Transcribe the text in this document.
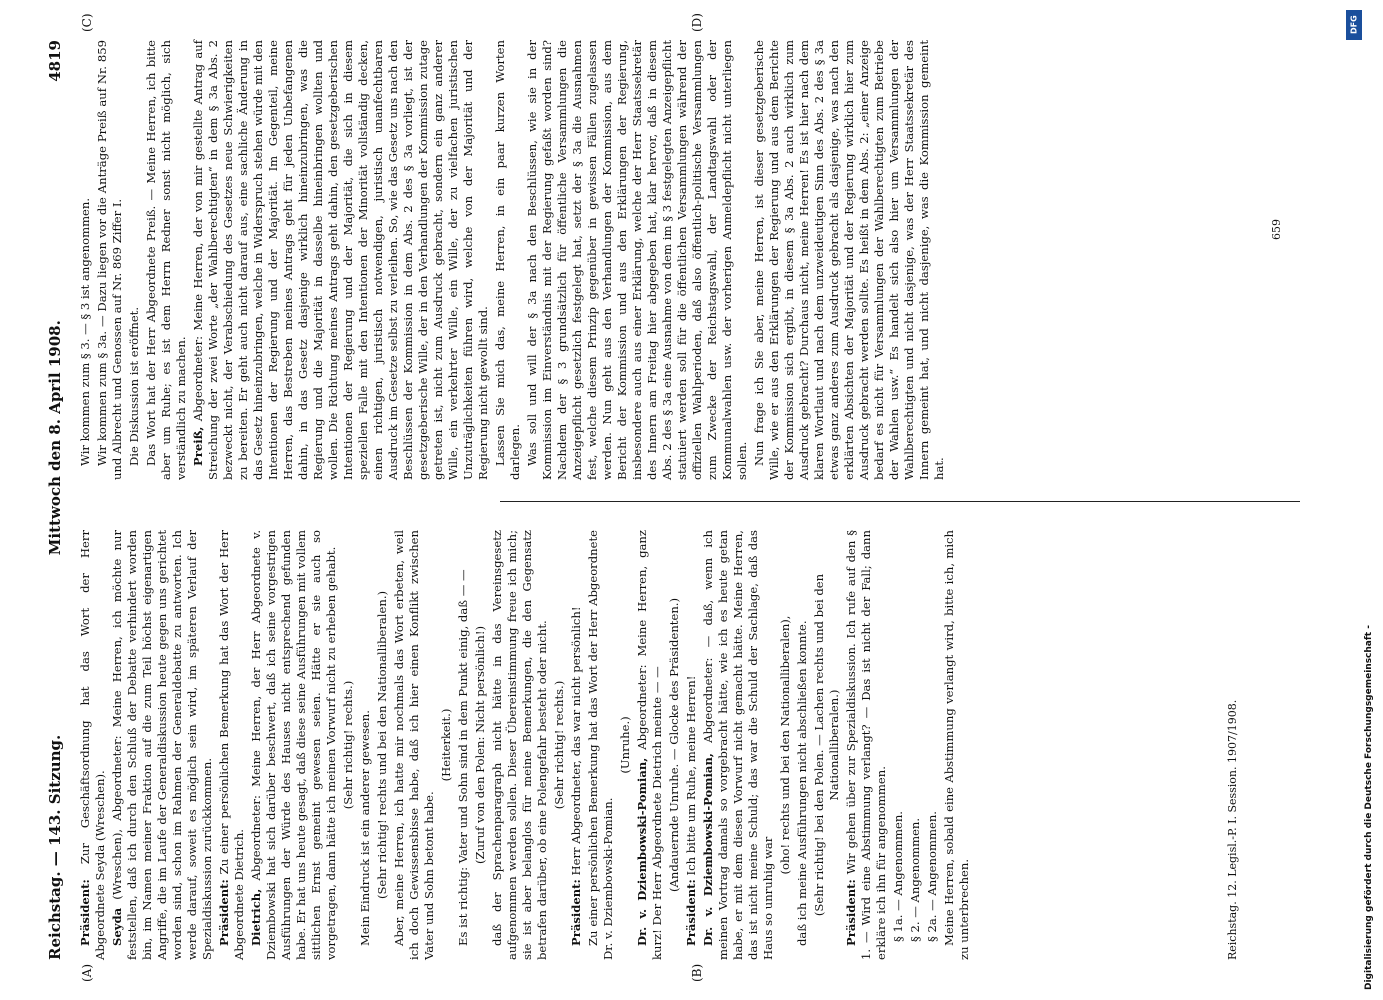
Reichstag. — 143. Sitzung.
Mittwoch den 8. April 1908.
4819
(A)	(B)
(C)	(D)

Präsident: Zur Geschäftsordnung hat das Wort der Herr Abgeordnete Seyda (Wreschen). Seyda (Wreschen), Abgeordneter: Meine Herren, ich möchte nur feststellen, daß ich durch den Schluß der Debatte verhindert worden bin, im Namen meiner Fraktion auf die zum Teil höchst eigenartigen Angriffe, die im Laufe der Generaldiskussion heute gegen uns gerichtet worden sind, schon im Rahmen der Generaldebatte zu antworten. Ich werde darauf, soweit es möglich sein wird, im späteren Verlauf der Spezialdiskussion zurückkommen. Präsident: Zu einer persönlichen Bemerkung hat das Wort der Herr Abgeordnete Dietrich. Dietrich, Abgeordneter: Meine Herren, der Herr Abgeordnete v. Dziembowski hat sich darüber beschwert, daß ich seine vorgestrigen Ausführungen der Würde des Hauses nicht entsprechend gefunden habe. Er hat uns heute gesagt, daß diese seine Ausführungen mit vollem sittlichen Ernst gemeint gewesen seien. Hätte er sie auch so vorgetragen, dann hätte ich meinen Vorwurf nicht zu erheben gehabt. (Sehr richtig! rechts.) Mein Eindruck ist ein anderer gewesen. (Sehr richtig! rechts und bei den Nationalliberalen.) Aber, meine Herren, ich hatte mir nochmals das Wort erbeten, weil ich doch Gewissensbisse habe, daß ich hier einen Konflikt zwischen Vater und Sohn betont habe.

(Heiterkeit.) Es ist richtig: Vater und Sohn sind in dem Punkt einig, daß — — (Zuruf von den Polen: Nicht persönlich!) daß der Sprachenparagraph nicht hätte in das Vereinsgesetz aufgenommen werden sollen. Dieser Übereinstimmung freue ich mich; sie ist aber belanglos für meine Bemerkungen, die den Gegensatz betrafen darüber, ob eine Polengefahr besteht oder nicht. (Sehr richtig! rechts.)

Präsident: Herr Abgeordneter, das war nicht persönlich! Zu einer persönlichen Bemerkung hat das Wort der Herr Abgeordnete Dr. v. Dziembowski-Pomian.

(Unruhe.)

Dr. v. Dziembowski-Pomian, Abgeordneter: Meine Herren, ganz kurz! Der Herr Abgeordnete Dietrich meinte — — (Andauernde Unruhe. — Glocke des Präsidenten.)

Präsident: Ich bitte um Ruhe, meine Herren! Dr. v. Dziembowski-Pomian, Abgeordneter: — daß, wenn ich meinen Vortrag damals so vorgebracht hätte, wie ich es heute getan habe, er mit dem diesen Vorwurf nicht gemacht hätte. Meine Herren, das ist nicht meine Schuld; das war die Schuld der Sachlage, daß das Haus so unruhig war

(oho! rechts und bei den Nationalliberalen), daß ich meine Ausführungen nicht abschließen konnte. (Sehr richtig! bei den Polen. — Lachen rechts und bei den Nationalliberalen.)

Präsident: Wir gehen über zur Spezialdiskussion. Ich rufe auf den § 1. — Wird eine Abstimmung verlangt? — Das ist nicht der Fall; dann erkläre ich ihn für angenommen. § 1a. — Angenommen. § 2. — Angenommen. § 2a. — Angenommen. Meine Herren, sobald eine Abstimmung verlangt wird, bitte ich, mich zu unterbrechen.

Wir kommen zum § 3. — § 3 ist angenommen. Wir kommen zum § 3a. — Dazu liegen vor die Anträge Preiß auf Nr. 859 und Albrecht und Genossen auf Nr. 869 Ziffer I. Die Diskussion ist eröffnet. Das Wort hat der Herr Abgeordnete Preiß. — Meine Herren, ich bitte aber um Ruhe; es ist dem Herrn Redner sonst nicht möglich, sich verständlich zu machen. Preiß, Abgeordneter: Meine Herren, der von mir gestellte Antrag auf Streichung der zwei Worte „der Wahlberechtigten“ in dem § 3a Abs. 2 bezweckt nicht, der Verabschiedung des Gesetzes neue Schwierigkeiten zu bereiten. Er geht auch nicht darauf aus, eine sachliche Änderung in das Gesetz hineinzubringen, welche in Widerspruch stehen würde mit den Intentionen der Regierung und der Majorität. Im Gegenteil, meine Herren, das Bestreben meines Antrags geht für jeden Unbefangenen dahin, in das Gesetz dasjenige wirklich hineinzubringen, was die Regierung und die Majorität in dasselbe hineinbringen wollten und wollen. Die Richtung meines Antrags geht dahin, den gesetzgeberischen Intentionen der Regierung und der Majorität, die sich in diesem speziellen Falle mit den Intentionen der Minorität vollständig decken, einen richtigen, juristisch notwendigen, juristisch unanfechtbaren Ausdruck im Gesetze selbst zu verleihen. So, wie das Gesetz uns nach den Beschlüssen der Kommission in dem Abs. 2 des § 3a vorliegt, ist der gesetzgeberische Wille, der in den Verhandlungen der Kommission zutage getreten ist, nicht zum Ausdruck gebracht, sondern ein ganz anderer Wille, ein verkehrter Wille, ein Wille, der zu vielfachen juristischen Unzuträglichkeiten führen wird, welche von der Majorität und der Regierung nicht gewollt sind. Lassen Sie mich das, meine Herren, in ein paar kurzen Worten darlegen. Was soll und will der § 3a nach den Beschlüssen, wie sie in der Kommission im Einverständnis mit der Regierung gefaßt worden sind? Nachdem der § 3 grundsätzlich für öffentliche Versammlungen die Anzeigepflicht gesetzlich festgelegt hat, setzt der § 3a die Ausnahmen fest, welche diesem Prinzip gegenüber in gewissen Fällen zugelassen werden. Nun geht aus den Verhandlungen der Kommission, aus dem Bericht der Kommission und aus den Erklärungen der Regierung, insbesondere auch aus einer Erklärung, welche der Herr Staatssekretär des Innern am Freitag hier abgegeben hat, klar hervor, daß in diesem Abs. 2 des § 3a eine Ausnahme von dem im § 3 festgelegten Anzeigepflicht statuiert werden soll für die öffentlichen Versammlungen während der offiziellen Wahlperioden, daß also öffentlich-politische Versammlungen zum Zwecke der Reichstagswahl, der Landtagswahl oder der Kommunalwahlen usw. der vorherigen Anmeldepflicht nicht unterliegen sollen. Nun frage ich Sie aber, meine Herren, ist dieser gesetzgeberische Wille, wie er aus den Erklärungen der Regierung und aus dem Berichte der Kommission sich ergibt, in diesem § 3a Abs. 2 auch wirklich zum Ausdruck gebracht? Durchaus nicht, meine Herren! Es ist hier nach dem klaren Wortlaut und nach dem unzweideutigen Sinn des Abs. 2 des § 3a etwas ganz anderes zum Ausdruck gebracht als dasjenige, was nach den erklärten Absichten der Majorität und der Regierung wirklich hier zum Ausdruck gebracht werden sollte. Es heißt in dem Abs. 2: „einer Anzeige bedarf es nicht für Versammlungen der Wahlberechtigten zum Betriebe der Wahlen usw.“ Es handelt sich also hier um Versammlungen der Wahlberechtigten und nicht dasjenige, was der Herr Staatssekretär des Innern gemeint hat, und nicht dasjenige, was die Kommission gemeint hat.

Reichstag. 12. Legisl.-P. I. Session. 1907/1908.
659
DFG
Digitalisierung gefördert durch die Deutsche Forschungsgemeinschaft -
